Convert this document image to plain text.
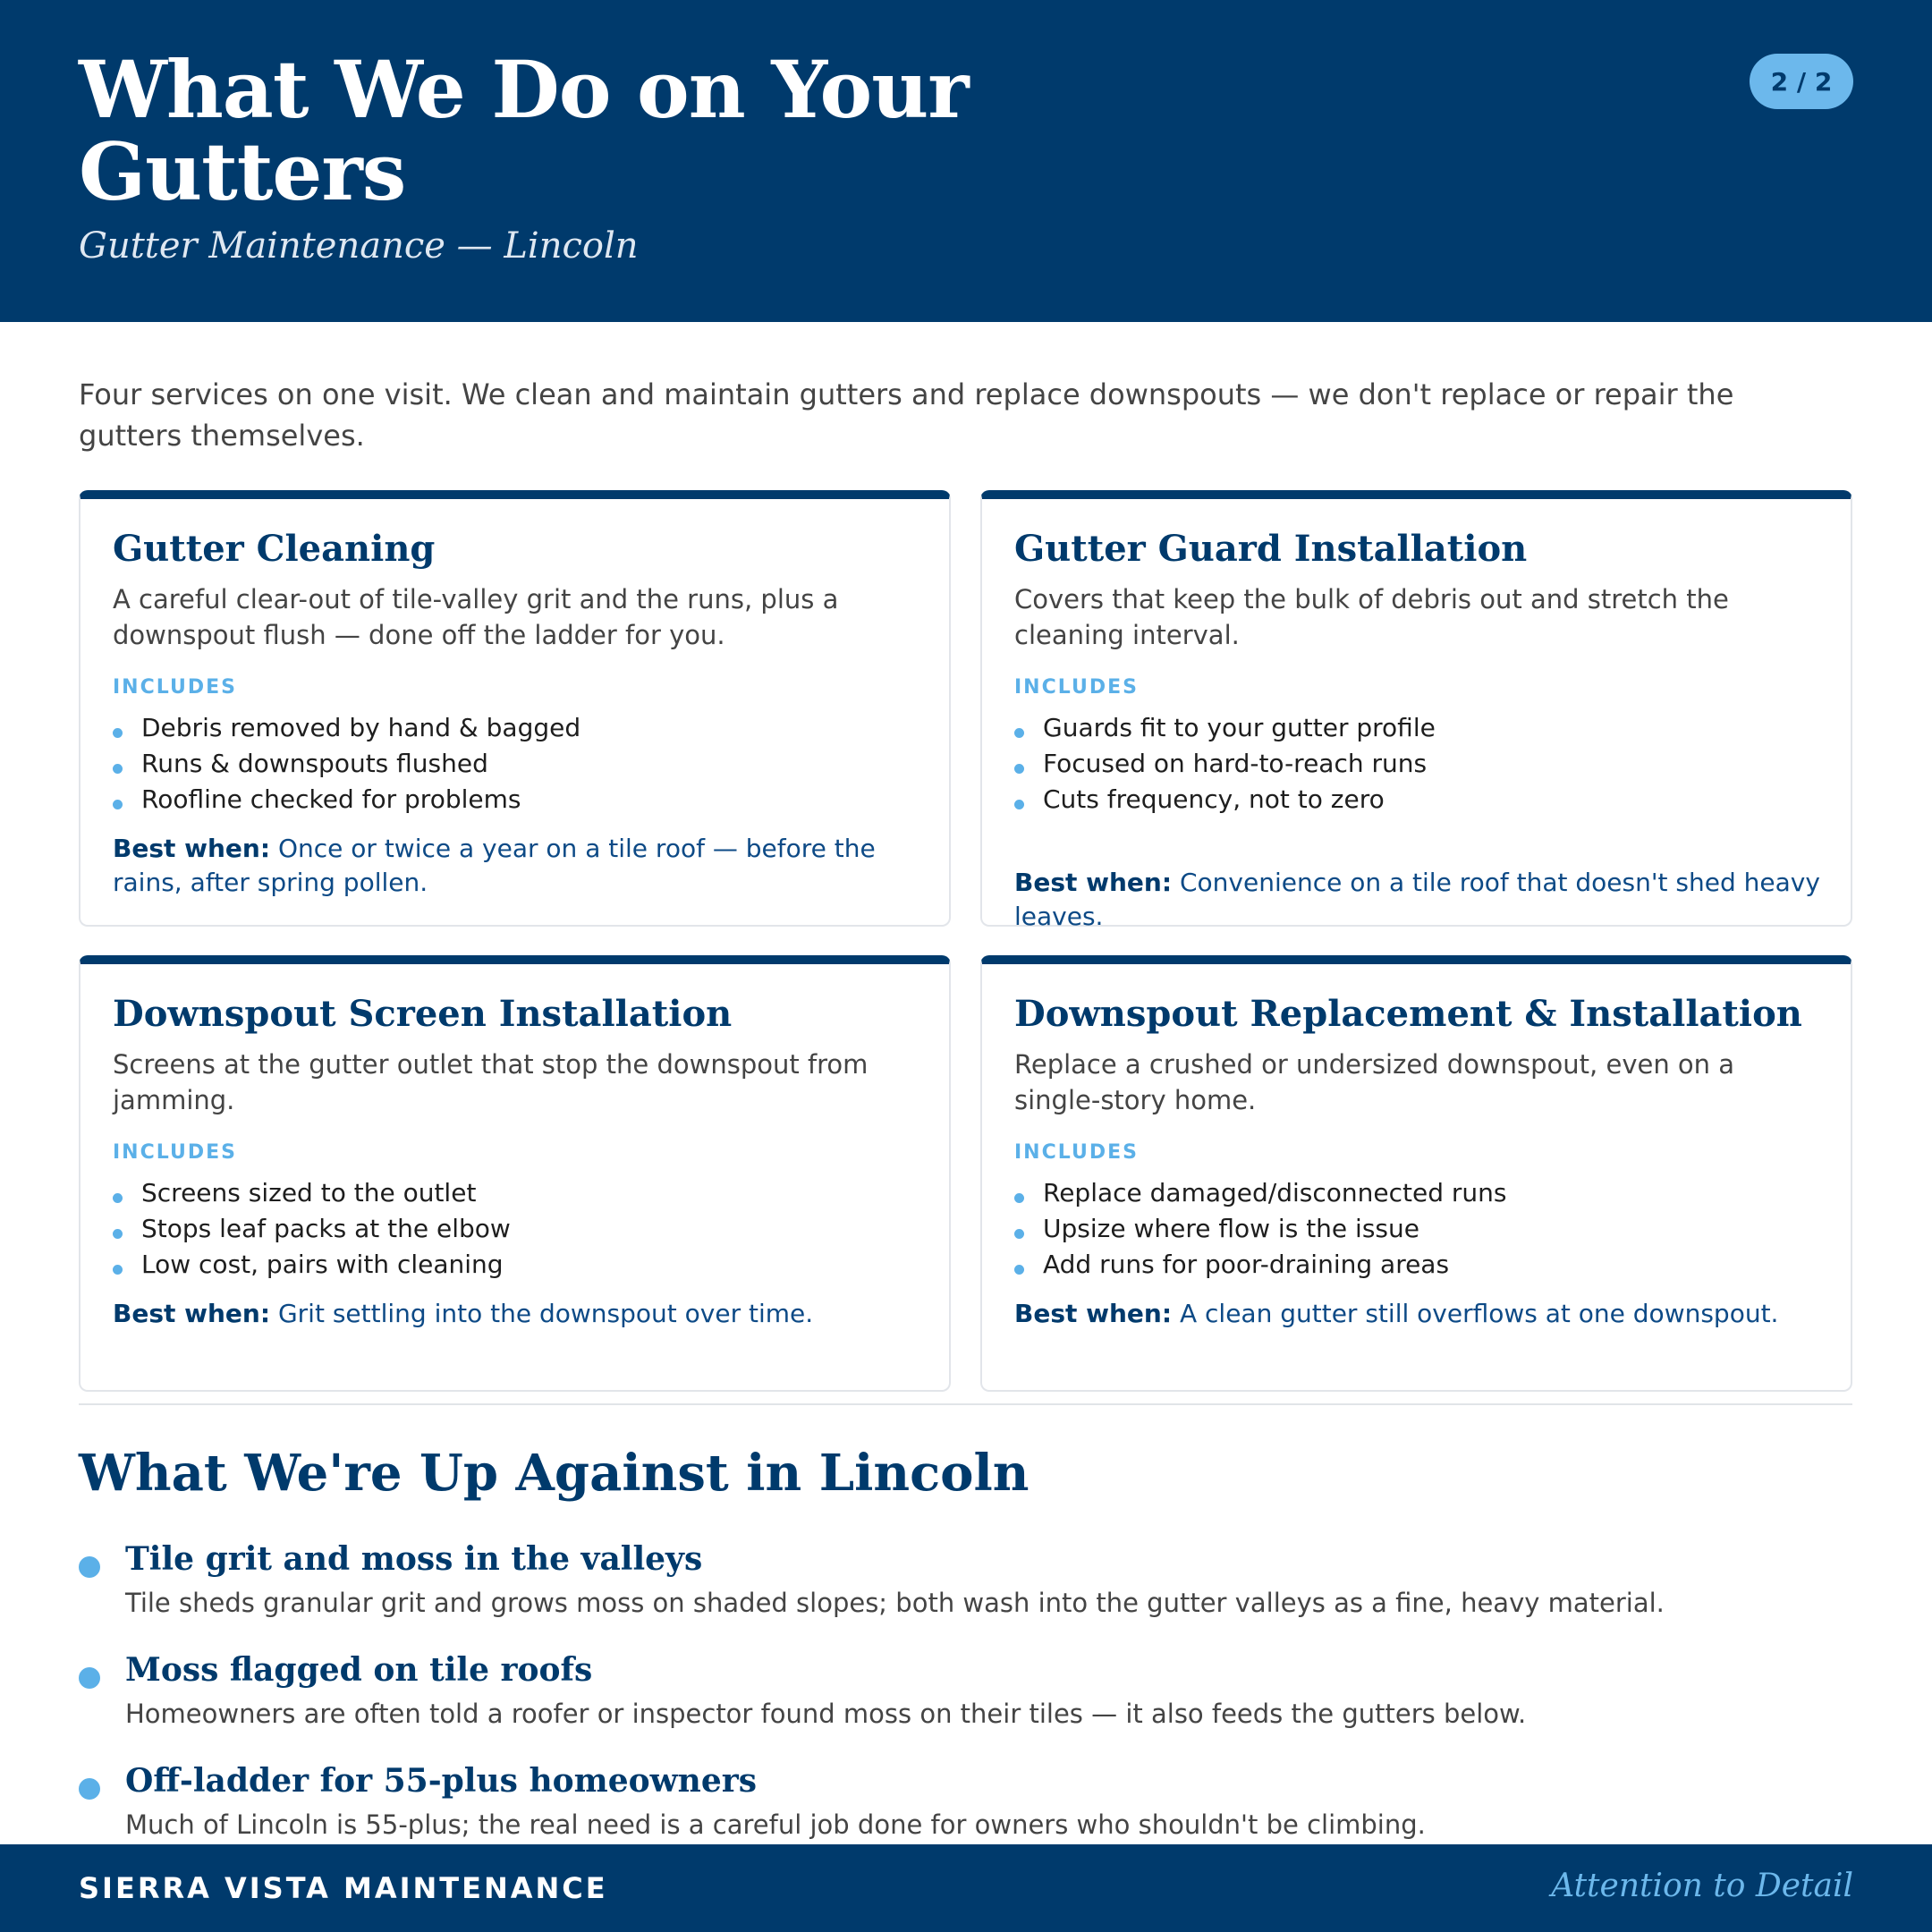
What We Do on Your Gutters
Gutter Maintenance — Lincoln
2 / 2

Four services on one visit. We clean and maintain gutters and replace downspouts — we don't replace or repair the gutters themselves.

Gutter Cleaning

A careful clear-out of tile-valley grit and the runs, plus a downspout flush — done off the ladder for you.

INCLUDES
Debris removed by hand & bagged
Runs & downspouts flushed
Roofline checked for problems

Best when: Once or twice a year on a tile roof — before the rains, after spring pollen.

Gutter Guard Installation

Covers that keep the bulk of debris out and stretch the cleaning interval.

INCLUDES
Guards fit to your gutter profile
Focused on hard-to-reach runs
Cuts frequency, not to zero

Best when: Convenience on a tile roof that doesn't shed heavy leaves.

Downspout Screen Installation

Screens at the gutter outlet that stop the downspout from jamming.

INCLUDES
Screens sized to the outlet
Stops leaf packs at the elbow
Low cost, pairs with cleaning

Best when: Grit settling into the downspout over time.

Downspout Replacement & Installation

Replace a crushed or undersized downspout, even on a single-story home.

INCLUDES
Replace damaged/disconnected runs
Upsize where flow is the issue
Add runs for poor-draining areas

Best when: A clean gutter still overflows at one downspout.

What We're Up Against in Lincoln
Tile grit and moss in the valleys

Tile sheds granular grit and grows moss on shaded slopes; both wash into the gutter valleys as a fine, heavy material.

Moss flagged on tile roofs

Homeowners are often told a roofer or inspector found moss on their tiles — it also feeds the gutters below.

Off-ladder for 55-plus homeowners

Much of Lincoln is 55-plus; the real need is a careful job done for owners who shouldn't be climbing.

SIERRA VISTA MAINTENANCE	Attention to Detail
